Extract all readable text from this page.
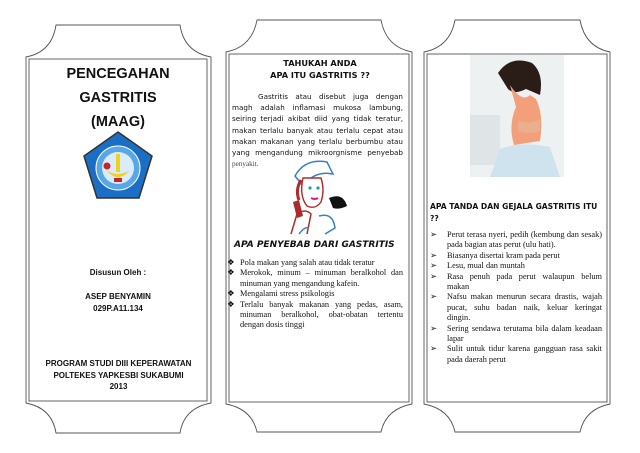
PENCEGAHAN GASTRITIS
(MAAG)
Disusun Oleh :
ASEP BENYAMIN
029P.A11.134
PROGRAM STUDI DIII KEPERAWATAN
POLTEKES YAPKESBI SUKABUMI
2013
TAHUKAH ANDA
APA ITU GASTRITIS ??
Gastritis atau disebut juga dengan magh adalah inflamasi mukosa lambung, seiring terjadi akibat diid yang tidak teratur, makan terlalu banyak atau terlalu cepat atau makan makanan yang terlalu berbumbu atau yang mengandung mikroorgnisme penyebab penyakit.
APA PENYEBAB DARI GASTRITIS
❖ Pola makan yang salah atau tidak teratur
❖ Merokok, minum – minuman beralkohol dan minuman yang mengandung kafein.
❖ Mengalami stress psikologis
❖ Terlalu banyak makanan yang pedas, asam, minuman beralkohol, obat-obatan tertentu dengan dosis tinggi
APA TANDA DAN GEJALA GASTRITIS ITU ??
➢ Perut terasa nyeri, pedih (kembung dan sesak) pada bagian atas perut (ulu hati).
➢ Biasanya disertai kram pada perut
➢ Lesu, mual dan muntah
➢ Rasa penuh pada perut walaupun belum makan
➢ Nafsu makan menurun secara drastis, wajah pucat, suhu badan naik, keluar keringat dingin.
➢ Sering sendawa terutama bila dalam keadaan lapar
➢ Sulit untuk tidur karena gangguan rasa sakit pada daerah perut
